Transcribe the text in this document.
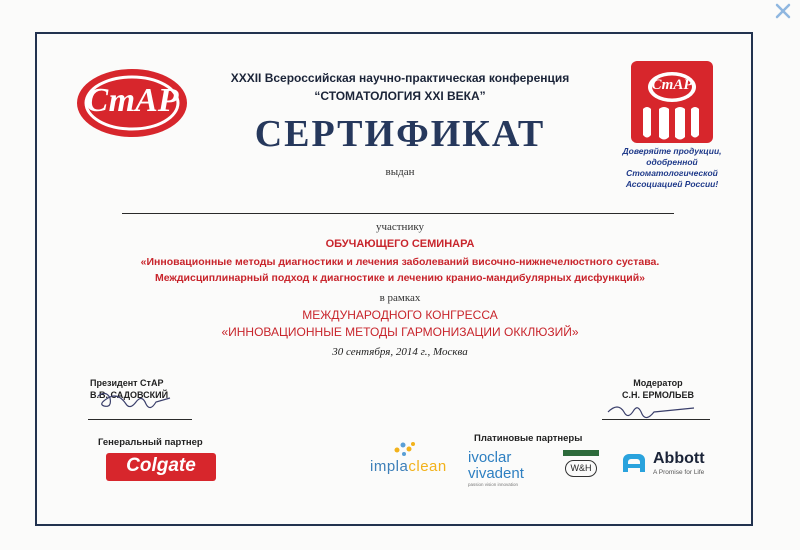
СтАР
XXXII Всероссийская научно-практическая конференция
“СТОМАТОЛОГИЯ XXI ВЕКА”
СтАР
Доверяйте продукции,
одобренной
Стоматологической
Ассоциацией России!
СЕРТИФИКАТ
выдан
участнику
ОБУЧАЮЩЕГО СЕМИНАРА
«Инновационные методы диагностики и лечения заболеваний височно-нижнечелюстного сустава.
Междисциплинарный подход к диагностике и лечению кранио-мандибулярных дисфункций»
в рамках
МЕЖДУНАРОДНОГО КОНГРЕССА
«ИННОВАЦИОННЫЕ МЕТОДЫ ГАРМОНИЗАЦИИ ОККЛЮЗИЙ»
30 сентября, 2014 г., Москва
Президент СтАР
В.В. САДОВСКИЙ
Модератор
С.Н. ЕРМОЛЬЕВ
Генеральный партнер	Платиновые партнеры
Colgate	implaclean
ivoclar
vivadent
passion vision innovation
W&H
Abbott
A Promise for Life
